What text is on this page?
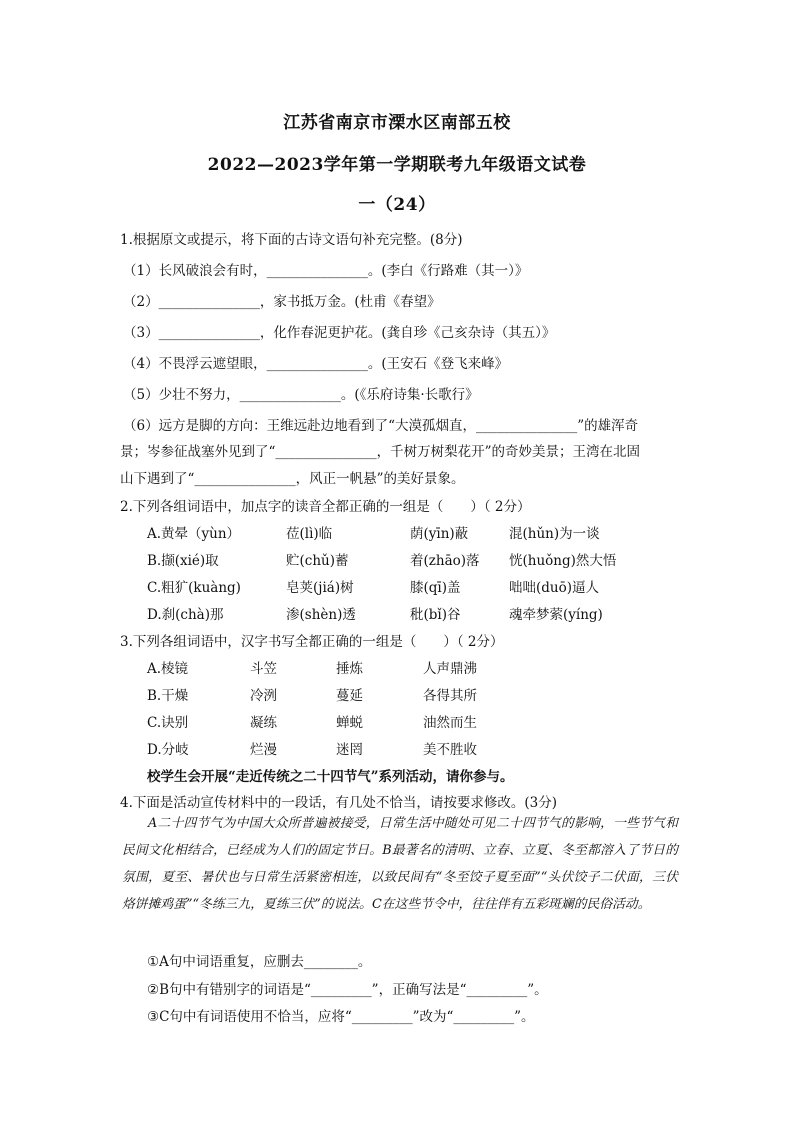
江苏省南京市溧水区南部五校
2022—2023学年第一学期联考九年级语文试卷
一（24）
1.根据原文或提示，将下面的古诗文语句补充完整。(8分)
（1）长风破浪会有时，_______________。(李白《行路难（其一）》
（2）_______________，家书抵万金。(杜甫《春望》
（3）_______________，化作春泥更护花。(龚自珍《己亥杂诗（其五）》
（4）不畏浮云遮望眼，_______________。(王安石《登飞来峰》
（5）少壮不努力，_______________。(《乐府诗集·长歌行》
（6）远方是脚的方向：王维远赴边地看到了“大漠孤烟直，_______________”的雄浑奇
景；岑参征战塞外见到了“_______________，千树万树梨花开”的奇妙美景；王湾在北固
山下遇到了“_______________，风正一帆悬”的美好景象。
2.下列各组词语中，加点字的读音全都正确的一组是（　　）（ 2分）
A.黄晕（yùn）	莅(lì)临	荫(yīn)蔽	混(hǔn)为一谈
B.撷(xié)取	贮(chǔ)蓄	着(zhāo)落 恍(huǒng)然大悟
C.粗犷(kuàng)	皂荚(jiá)树	膝(qī)盖	咄咄(duō)逼人
D.刹(chà)那	渗(shèn)透	秕(bǐ)谷	魂牵梦萦(yíng)
3.下列各组词语中，汉字书写全都正确的一组是（　　）（ 2分）
A.棱镜	斗笠	捶炼	人声鼎沸
B.干燥	冷洌	蔓延	各得其所
C.诀别	凝练	蝉蜕	油然而生
D.分岐	烂漫	迷罔	美不胜收
校学生会开展“走近传统之二十四节气”系列活动，请你参与。
4.下面是活动宣传材料中的一段话，有几处不恰当，请按要求修改。(3分)

A二十四节气为中国大众所普遍被接受，日常生活中随处可见二十四节气的影响，一些节气和民间文化相结合，已经成为人们的固定节日。B最著名的清明、立春、立夏、冬至都溶入了节日的氛围，夏至、暑伏也与日常生活紧密相连，以致民间有“冬至饺子夏至面”“头伏饺子二伏面，三伏烙饼摊鸡蛋”“冬练三九，夏练三伏”的说法。C在这些节令中，往往伴有五彩斑斓的民俗活动。

①A句中词语重复，应删去________。
②B句中有错别字的词语是“_________”，正确写法是“_________”。
③C句中有词语使用不恰当，应将“_________”改为“_________”。
